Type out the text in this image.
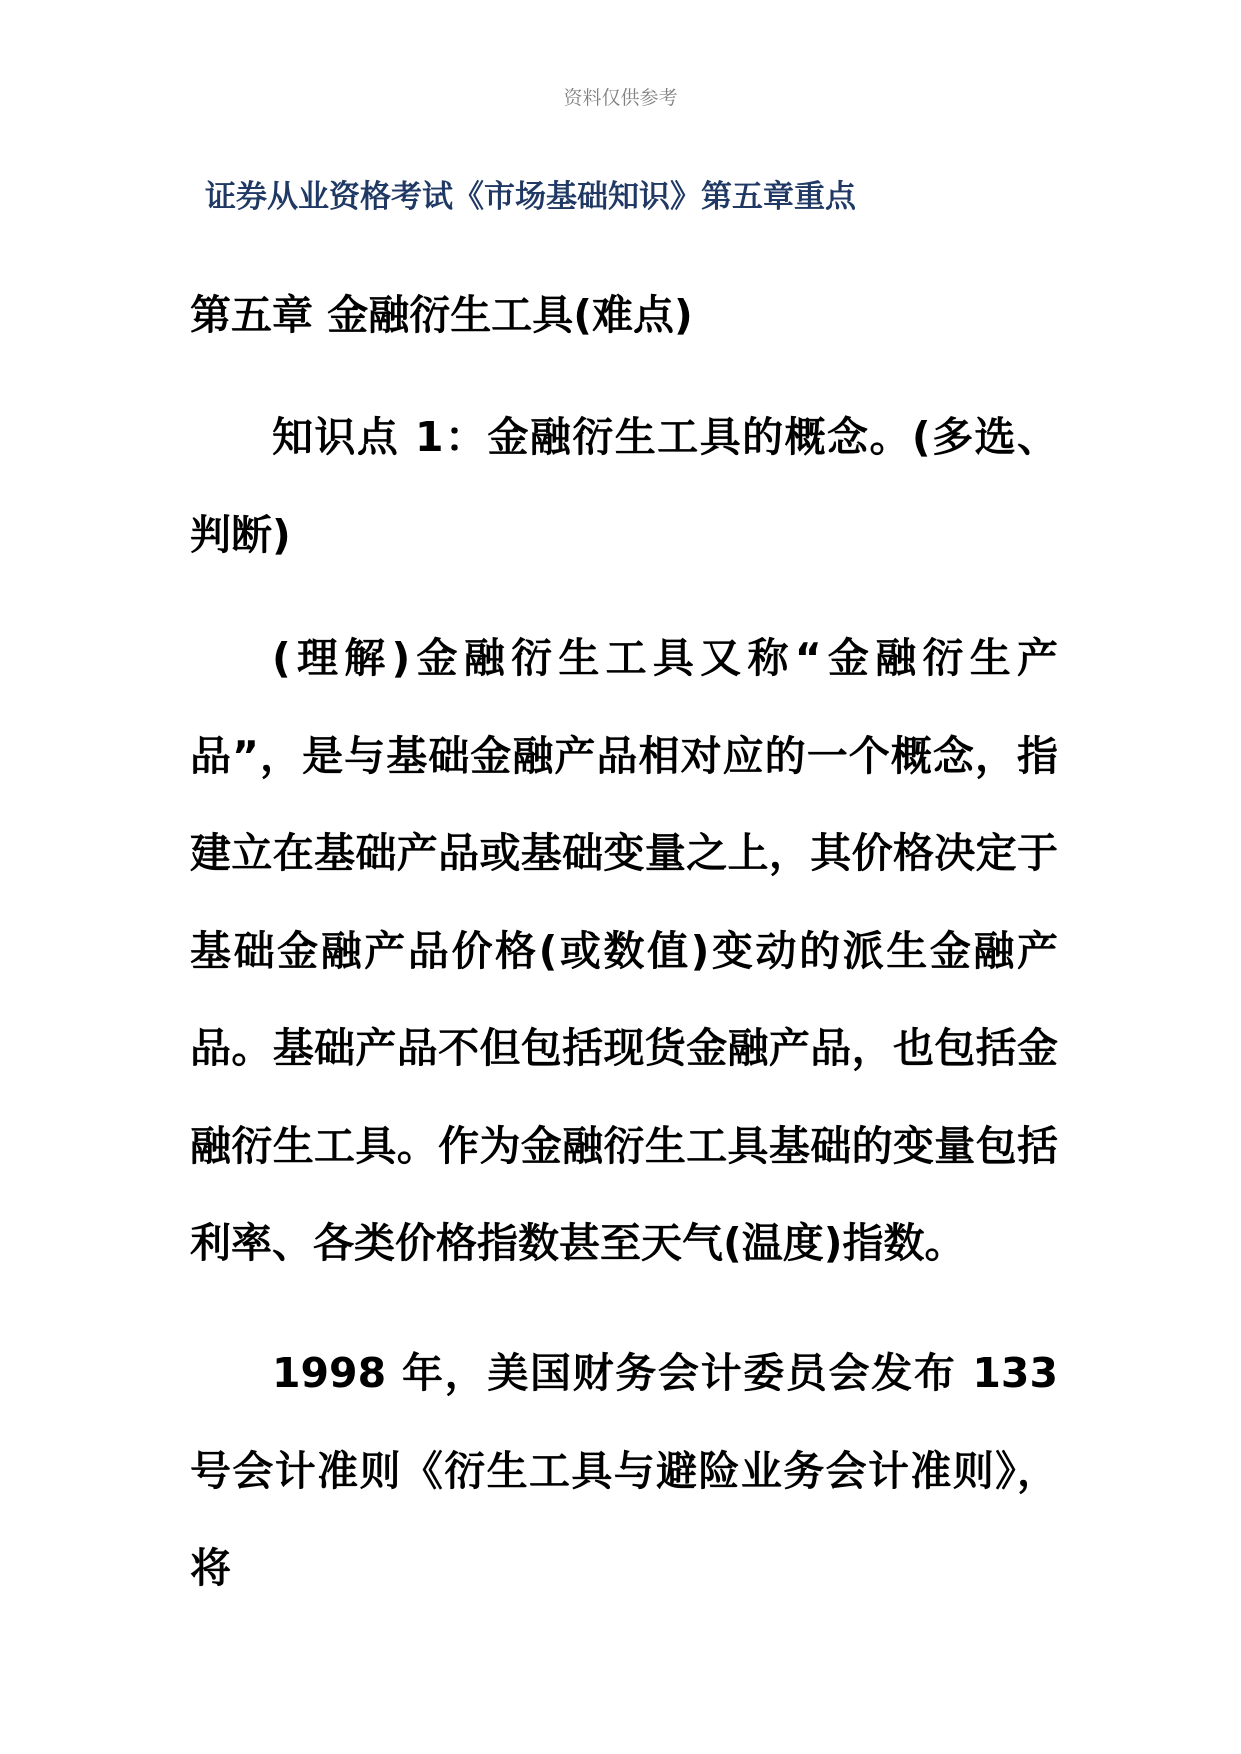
资料仅供参考
证券从业资格考试《市场基础知识》第五章重点
第五章 金融衍生工具(难点)
知识点 1：金融衍生工具的概念。(多选、判断)
(理解)金融衍生工具又称“金融衍生产品”，是与基础金融产品相对应的一个概念，指建立在基础产品或基础变量之上，其价格决定于基础金融产品价格(或数值)变动的派生金融产品。基础产品不但包括现货金融产品，也包括金融衍生工具。作为金融衍生工具基础的变量包括利率、各类价格指数甚至天气(温度)指数。
1998 年，美国财务会计委员会发布 133 号会计准则《衍生工具与避险业务会计准则》，将
